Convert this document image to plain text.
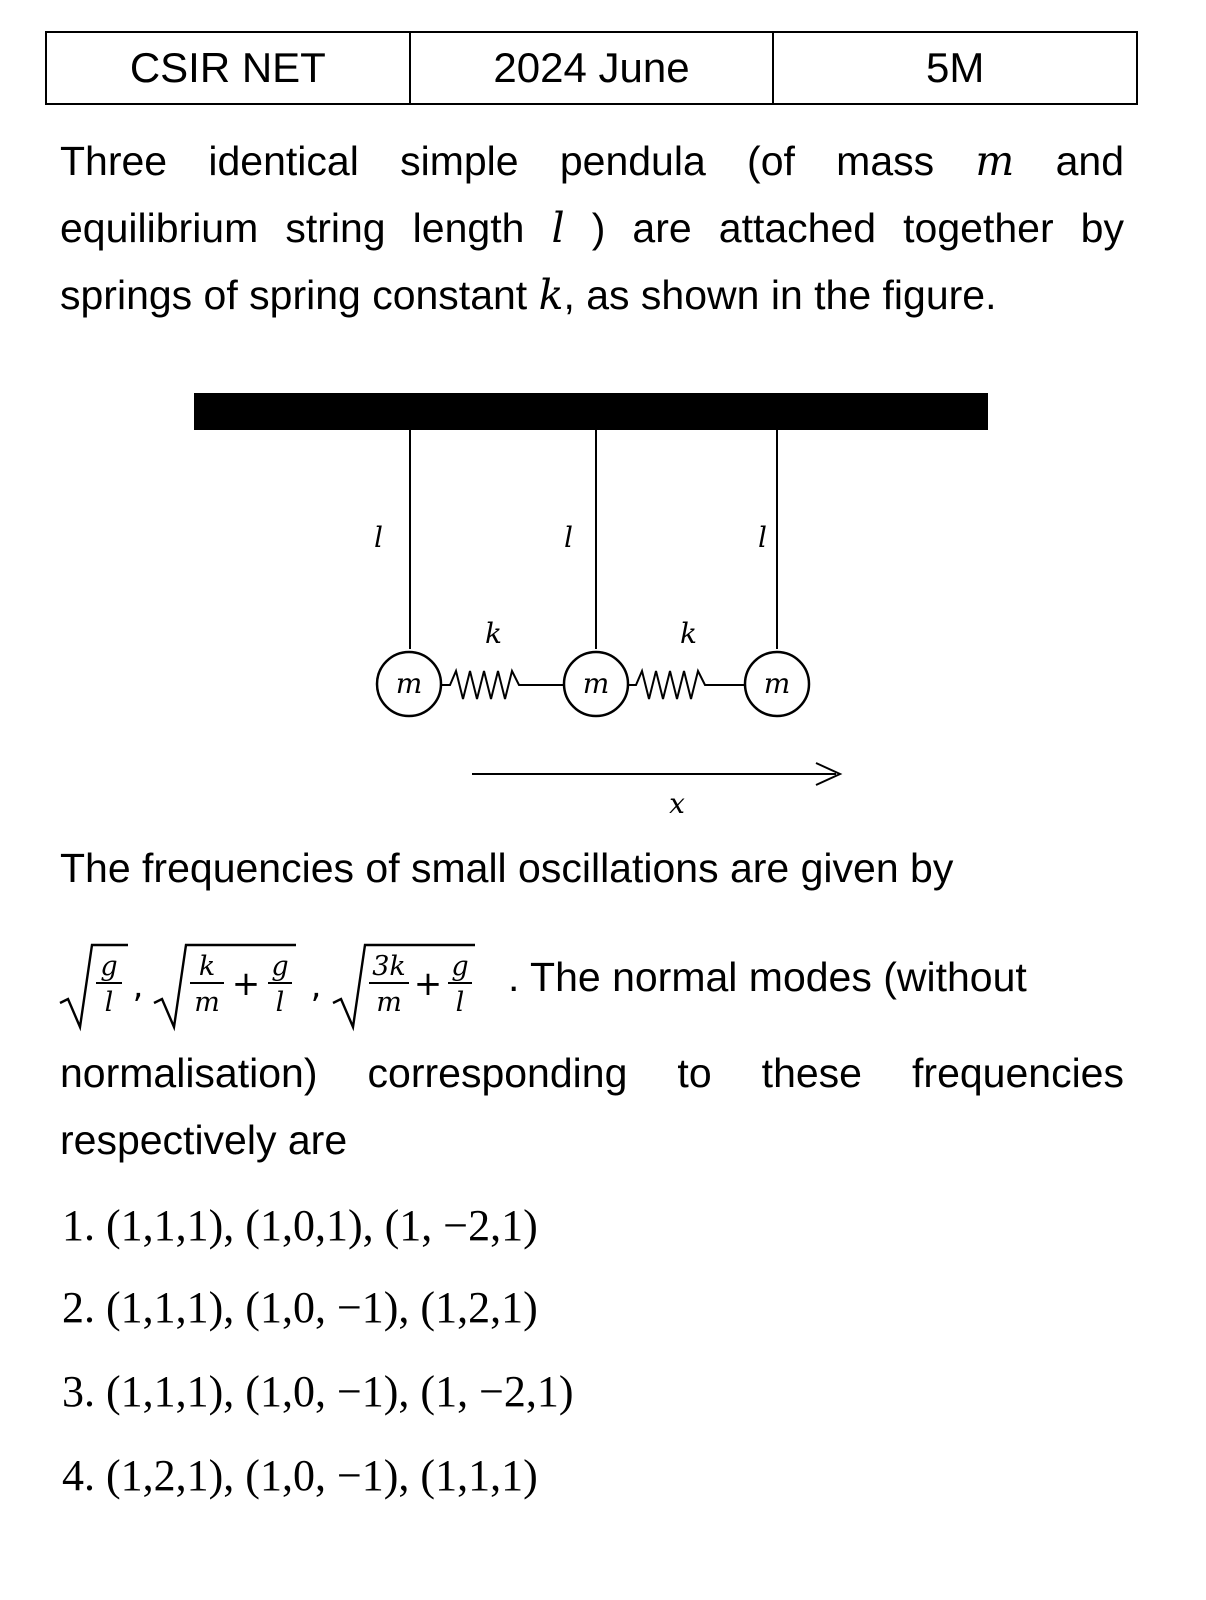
CSIR NET	2024 June	5M

Three identical simple pendula (of mass m and equilibrium string length l ) are attached together by springs of spring constant k, as shown in the figure.

l	l	l
k	k
m	m	m
x

The frequencies of small oscillations are given by

g
l
k
m
g
l
3k
m
g
l
+	+
,	,	. The normal modes (without

normalisation) corresponding to these frequencies respectively are

1. (1,1,1), (1,0,1), (1, −2,1)

2. (1,1,1), (1,0, −1), (1,2,1)

3. (1,1,1), (1,0, −1), (1, −2,1)

4. (1,2,1), (1,0, −1), (1,1,1)
